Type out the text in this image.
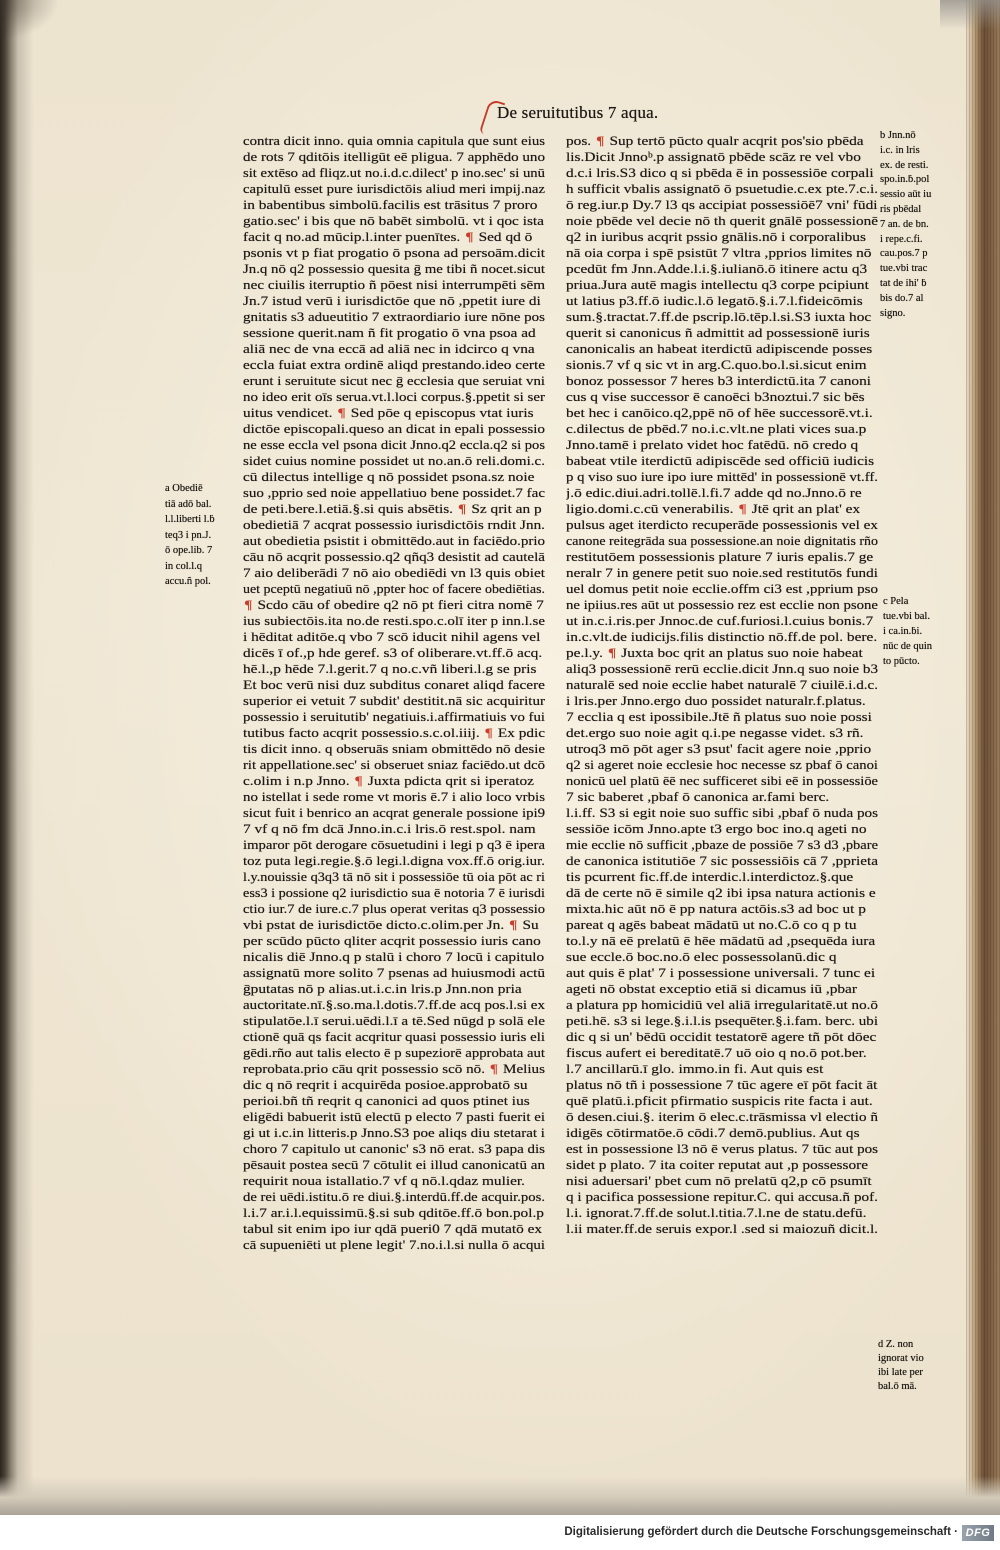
De seruitutibus 7 aqua.
contra dicit inno. quia omnia capitula que sunt eius
de rots 7 qditōis itelligūt eē pligua. 7 apphēdo uno
sit extēso ad fliqz.ut no.i.d.c.dilect' p ino.sec' si unū
capitulū esset pure iurisdictōis aliud meri impij.naz
in babentibus simbolū.facilis est trāsitus 7 proro
gatio.sec' i bis que nō babēt simbolū. vt i qoc ista
facit q no.ad mūcip.l.inter puenītes. ¶ Sed qd ō
psonis vt p fiat progatio ō psona ad persoām.dicit
Jn.q nō q2 possessio quesita ḡ me tibi ñ nocet.sicut
nec ciuilis iterruptio ñ pōest nisi interrumpēti sēm
Jn.7 istud verū i iurisdictōe que nō ,ppetit iure di
gnitatis s3 adueutitio 7 extraordiario iure nōne pos
sessione querit.nam ñ fit progatio ō vna psoa ad
aliā nec de vna eccā ad aliā nec in idcirco q vna
eccla fuiat extra ordinē aliqd prestando.ideo certe
erunt i seruitute sicut nec ḡ ecclesia que seruiat vni
no ideo erit oīs serua.vt.l.loci corpus.§.ppetit si ser
uitus vendicet. ¶ Sed pōe q episcopus vtat iuris
dictōe episcopali.queso an dicat in epali possessio
ne esse eccla vel psona dicit Jnno.q2 eccla.q2 si pos
sidet cuius nomine possidet ut no.an.ō reli.domi.c.
cū dilectus intellige q nō possidet psona.sz noie
suo ,pprio sed noie appellatiuo bene possidet.7 fac
de peti.bere.l.etiā.§.si quis absētis. ¶ Sz qrit an p
obedietiā 7 acqrat possessio iurisdictōis rndit Jnn.
aut obedietia psistit i obmittēdo.aut in faciēdo.prio
cāu nō acqrit possessio.q2 qñq3 desistit ad cautelā
7 aio deliberādi 7 nō aio obediēdi vn l3 quis obiet
uet pceptū negatiuū nō ,ppter hoc of facere obediētias.
¶ Scdo cāu of obedire q2 nō pt fieri citra nomē 7
ius subiectōis.ita no.de resti.spo.c.olī iter p inn.l.se
i hēditat aditōe.q vbo 7 scō iducit nihil agens vel
dicēs ī of.,p hde geref. s3 of oliberare.vt.ff.ō acq.
hē.l.,p hēde 7.l.gerit.7 q no.c.vñ liberi.l.g se pris
Et boc verū nisi duz subditus conaret aliqd facere
superior ei vetuit 7 subdit' destitit.nā sic acquiritur
possessio i seruitutib' negatiuis.i.affirmatiuis vo fui
tutibus facto acqrit possessio.s.c.ol.iiij. ¶ Ex pdic
tis dicit inno. q obseruās sniam obmittēdo nō desie
rit appellatione.sec' si obseruet sniaz faciēdo.ut dcō
c.olim i n.p Jnno. ¶ Juxta pdicta qrit si iperatoz
no istellat i sede rome vt moris ē.7 i alio loco vrbis
sicut fuit i benrico an acqrat generale possione ipi9
7 vf q nō fm dcā Jnno.in.c.i lris.ō rest.spol. nam
imparor pōt derogare cōsuetudini i legi p q3 ē ipera
toz puta legi.regie.§.ō legi.l.digna vox.ff.ō orig.iur.
l.y.nouissie q3q3 tā nō sit i possessiōe tū oia pōt ac ri
ess3 i possione q2 iurisdictio sua ē notoria 7 ē iurisdi
ctio iur.7 de iure.c.7 plus operat veritas q3 possessio
vbi pstat de iurisdictōe dicto.c.olim.per Jn. ¶ Su
per scūdo pūcto qliter acqrit possessio iuris cano
nicalis diē Jnno.q p stalū i choro 7 locū i capitulo
assignatū more solito 7 psenas ad huiusmodi actū
ḡputatas nō p alias.ut.i.c.in lris.p Jnn.non pria
auctoritate.nī.§.so.ma.l.dotis.7.ff.de acq pos.l.si ex
stipulatōe.l.ī serui.uēdi.l.ī a tē.Sed nūgd p solā ele
ctionē quā qs facit acqritur quasi possessio iuris eli
gēdi.rño aut talis electo ē p supeziorē approbata aut
reprobata.prio cāu qrit possessio scō nō. ¶ Melius
dic q nō reqrit i acquirēda posioe.approbatō su
perioi.bñ tñ reqrit q canonici ad quos ptinet ius
eligēdi babuerit istū electū p electo 7 pasti fuerit ei
gi ut i.c.in litteris.p Jnno.S3 poe aliqs diu stetarat i
choro 7 capitulo ut canonic' s3 nō erat. s3 papa dis
pēsauit postea secū 7 cōtulit ei illud canonicatū an
requirit noua istallatio.7 vf q nō.l.qdaz mulier.
de rei uēdi.istitu.ō re diui.§.interdū.ff.de acquir.pos.
l.i.7 ar.i.l.equissimū.§.si sub qditōe.ff.ō bon.pol.p
tabul sit enim ipo iur qdā pueri0 7 qdā mutatō ex
cā supueniēti ut plene legit' 7.no.i.l.si nulla ō acqui
pos. ¶ Sup tertō pūcto qualr acqrit pos'sio pbēda
lis.Dicit Jnnoᵇ.p assignatō pbēde scāz re vel vbo
d.c.i lris.S3 dico q si pbēda ē in possessiōe corpali
h sufficit vbalis assignatō ō psuetudie.c.ex pte.7.c.i.
ō reg.iur.p Dy.7 l3 qs accipiat possessiōē7 vni' fūdi
noie pbēde vel decie nō th querit gnālē possessionē
q2 in iuribus acqrit pssio gnālis.nō i corporalibus
nā oia corpa i spē psistūt 7 vltra ,pprios limites nō
pcedūt fm Jnn.Adde.l.i.§.iulianō.ō itinere actu q3
priua.Jura autē magis intellectu q3 corpe pcipiunt
ut latius p3.ff.ō iudic.l.ō legatō.§.i.7.l.fideicōmis
sum.§.tractat.7.ff.de pscrip.lō.tēp.l.si.S3 iuxta hoc
querit si canonicus ñ admittit ad possessionē iuris
canonicalis an habeat iterdictū adipiscende posses
sionis.7 vf q sic vt in arg.C.quo.bo.l.si.sicut enim
bonoz possessor 7 heres b3 interdictū.ita 7 canoni
cus q vise successor ē canoēci b3noztui.7 sic bēs
bet hec i canōico.q2,ppē nō of hēe successorē.vt.i.
c.dilectus de pbēd.7 no.i.c.vlt.ne plati vices sua.p
Jnno.tamē i prelato videt hoc fatēdū. nō credo q
babeat vtile iterdictū adipiscēde sed officiū iudicis
p q viso suo iure ipo iure mittēd' in possessionē vt.ff.
j.ō edic.diui.adri.tollē.l.fi.7 adde qd no.Jnno.ō re
ligio.domi.c.cū venerabilis. ¶ Jtē qrit an plat' ex
pulsus aget iterdicto recuperāde possessionis vel ex
canone reitegrāda sua possessione.an noie dignitatis rño
restitutōem possessionis plature 7 iuris epalis.7 ge
neralr 7 in genere petit suo noie.sed restitutōs fundi
uel domus petit noie ecclie.offm ci3 est ,pprium pso
ne ipiius.res aūt ut possessio rez est ecclie non psone
ut in.c.i.ris.per Jnnoc.de cuf.furiosi.l.cuius bonis.7
in.c.vlt.de iudicijs.filis distinctio nō.ff.de pol. bere.
pe.l.y. ¶ Juxta boc qrit an platus suo noie habeat
aliq3 possessionē rerū ecclie.dicit Jnn.q suo noie b3
naturalē sed noie ecclie habet naturalē 7 ciuilē.i.d.c.
i lris.per Jnno.ergo duo possidet naturalr.f.platus.
7 ecclia q est ipossibile.Jtē ñ platus suo noie possi
det.ergo suo noie agit q.i.pe negasse videt. s3 rñ.
utroq3 mō pōt ager s3 psut' facit agere noie ,pprio
q2 si ageret noie ecclesie hoc necesse sz pbaf ō canoi
nonicū uel platū ēē nec sufficeret sibi eē in possessiōe
7 sic baberet ,pbaf ō canonica ar.fami berc.
l.i.ff. S3 si egit noie suo suffic sibi ,pbaf ō nuda pos
sessiōe icōm Jnno.apte t3 ergo boc ino.q ageti no
mie ecclie nō sufficit ,pbaze de possiōe 7 s3 d3 ,pbare
de canonica istitutiōe 7 sic possessiōis cā 7 ,pprieta
tis pcurrent fic.ff.de interdic.l.interdictoz.§.que
dā de certe nō ē simile q2 ibi ipsa natura actionis e
mixta.hic aūt nō ē pp natura actōis.s3 ad boc ut p
pareat q agēs babeat mādatū ut no.C.ō co q p tu
to.l.y nā eē prelatū ē hēe mādatū ad ,psequēda iura
sue eccle.ō boc.no.ō elec possessolanū.dic q
aut quis ē plat' 7 i possessione universali. 7 tunc ei
ageti nō obstat exceptio etiā si dicamus iū ,pbar
a platura pp homicidiū vel aliā irregularitatē.ut no.ō
peti.hē. s3 si lege.§.i.l.is psequēter.§.i.fam. berc. ubi
dic q si un' bēdū occidit testatorē agere tñ pōt dōec
fiscus aufert ei bereditatē.7 uō oio q no.ō pot.ber.
l.7 ancillarū.ī glo. immo.in fi. Aut quis est
platus nō tñ i possessione 7 tūc agere eī pōt facit āt
quē platū.i.pficit pfirmatio suspicis rite facta i aut.
ō desen.ciui.§. iterim ō elec.c.trāsmissa vl electio ñ
idigēs cōtirmatōe.ō cōdi.7 demō.publius. Aut qs
est in possessione l3 nō ē verus platus. 7 tūc aut pos
sidet p plato. 7 ita coiter reputat aut ,p possessore
nisi aduersari' pbet cum nō prelatū q2,p cō psumīt
q i pacifica possessione repitur.C. qui accusa.ñ pof.
l.i. ignorat.7.ff.de solut.l.titia.7.l.ne de statu.defū.
l.ii mater.ff.de seruis expor.l .sed si maiozuñ dicit.l.
a Obediē
tiā adō bal.
l.l.liberti l.ḃ
teq3 i pn.J.
ō ope.lib. 7
in col.l.q
accu.ñ pol.
b Jnn.nō
i.c. in lris
ex. de resti.
spo.in.ḃ.pol
sessio aūt iu
ris pbēdal
7 an. de bn.
i repe.c.fi.
cau.pos.7 p
tue.vbi trac
tat de ihi' ḃ
bis do.7 al
signo.
c Pela
tue.vbi bal.
i ca.in.ḃi.
nūc de quin
to pūcto.
d Z. non
ignorat vio
ibi late per
bal.ō mā.
Digitalisierung gefördert durch die Deutsche Forschungsgemeinschaft · DFG
